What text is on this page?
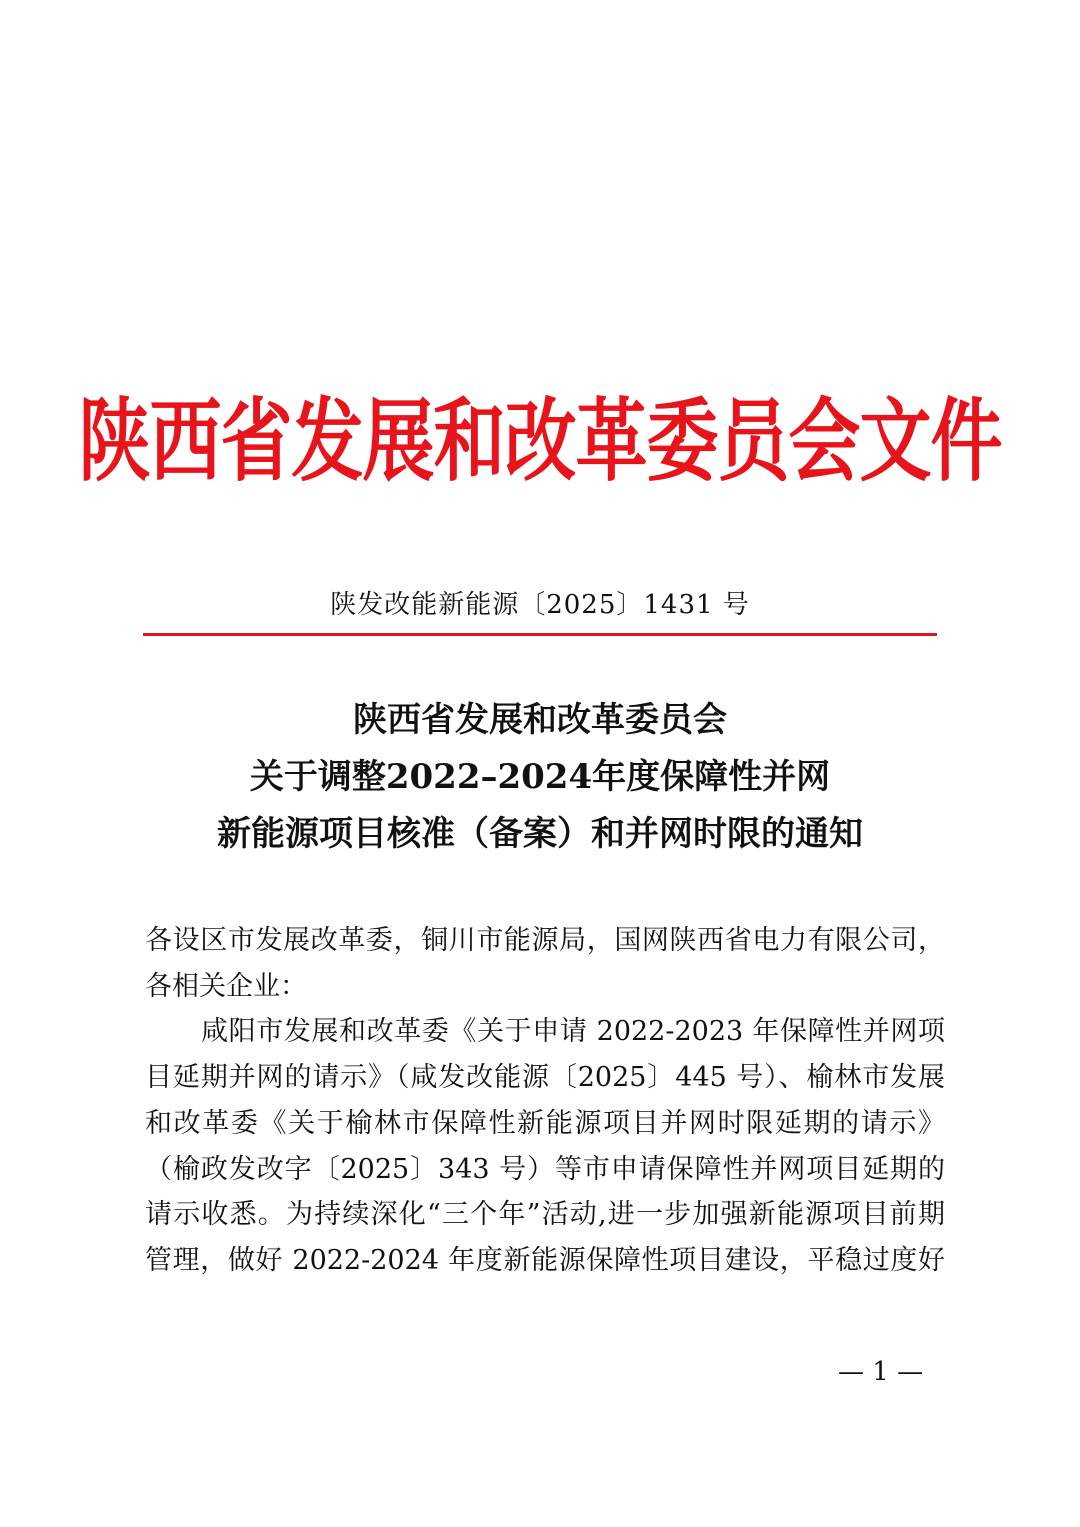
陕西省发展和改革委员会文件
陕发改能新能源〔2025〕1431 号
陕西省发展和改革委员会
关于调整2022–2024年度保障性并网
新能源项目核准（备案）和并网时限的通知
各设区市发展改革委，铜川市能源局，国网陕西省电力有限公司，
各相关企业：
咸阳市发展和改革委《关于申请 2022-2023 年保障性并网项
目延期并网的请示》（咸发改能源〔2025〕445 号）、榆林市发展
和改革委《关于榆林市保障性新能源项目并网时限延期的请示》
（榆政发改字〔2025〕343 号）等市申请保障性并网项目延期的
请示收悉。为持续深化“三个年”活动,进一步加强新能源项目前期
管理，做好 2022-2024 年度新能源保障性项目建设，平稳过度好
— 1 —
